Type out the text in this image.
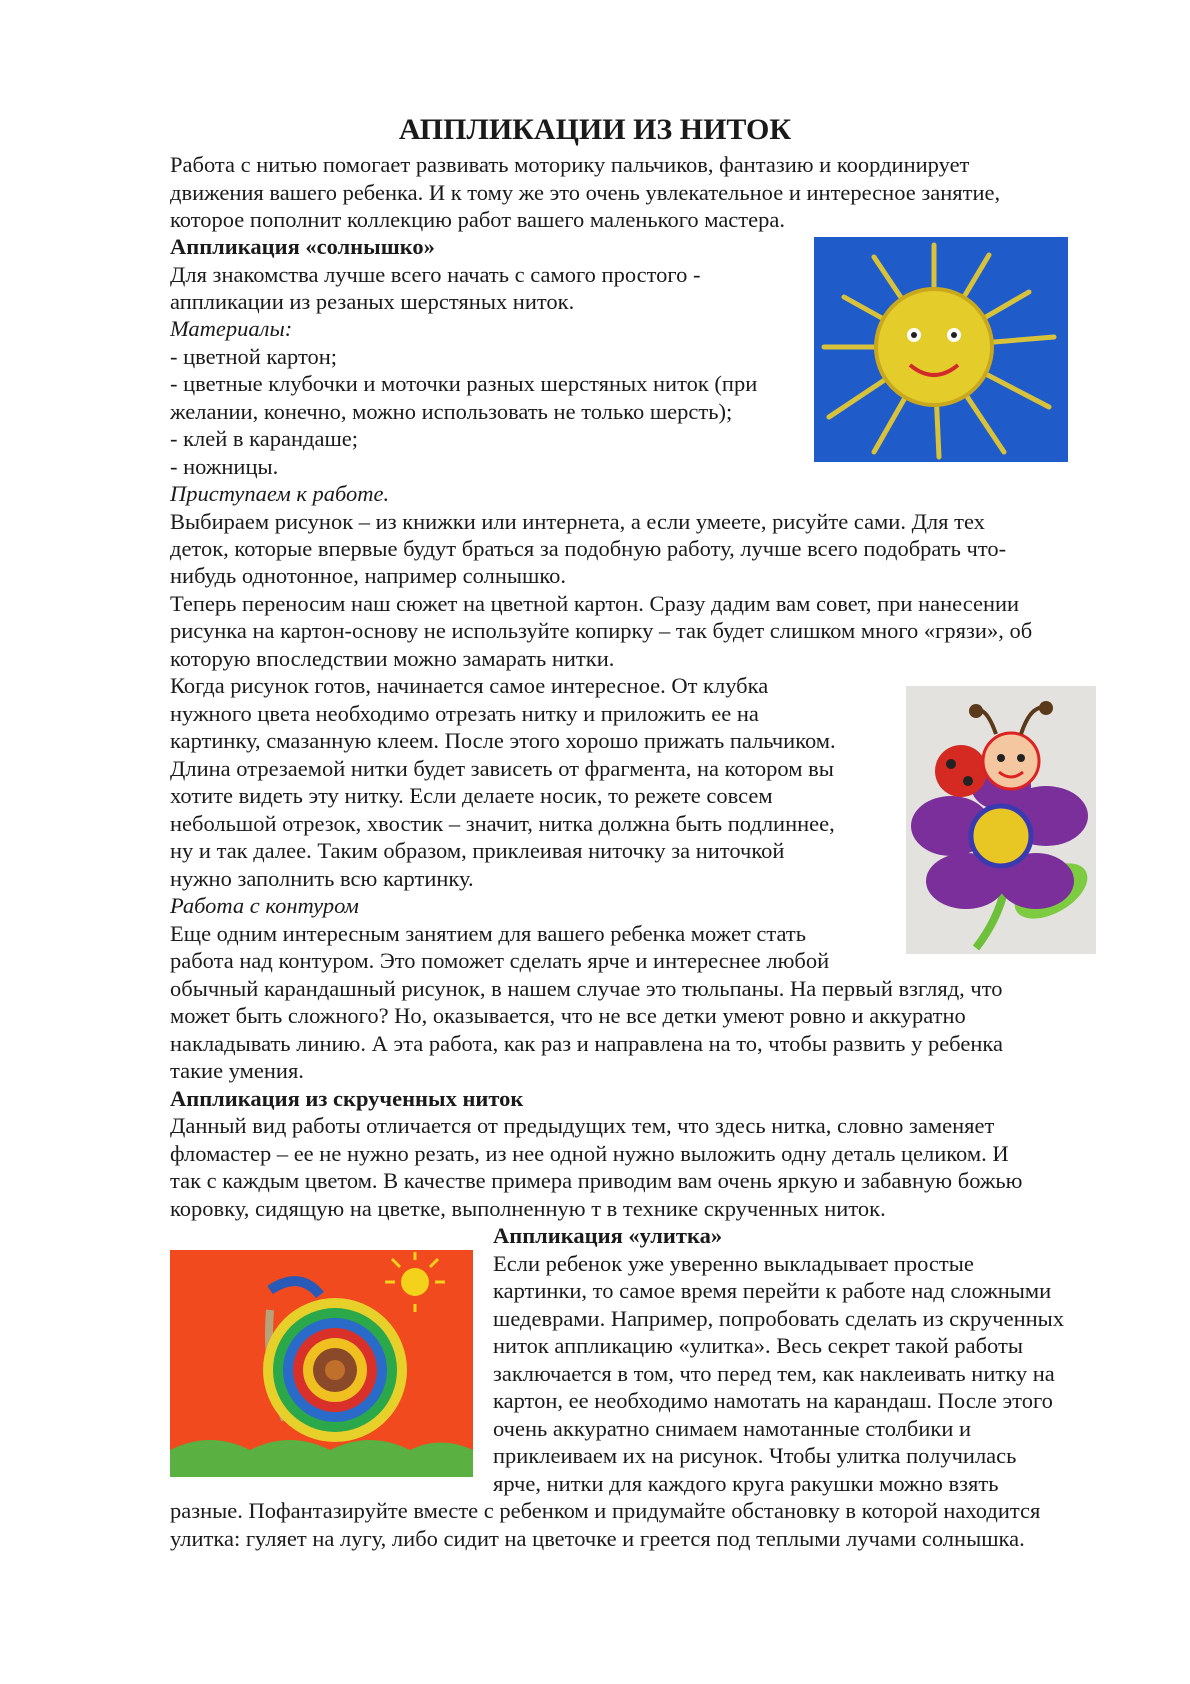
АППЛИКАЦИИ ИЗ НИТОК
Работа с нитью помогает развивать моторику пальчиков, фантазию и координирует
движения вашего ребенка. И к тому же это очень увлекательное и интересное занятие,
которое пополнит коллекцию работ вашего маленького мастера.
Аппликация «солнышко»
Для знакомства лучше всего начать с самого простого -
аппликации из резаных шерстяных ниток.
Материалы:
- цветной картон;
- цветные клубочки и моточки разных шерстяных ниток (при
желании, конечно, можно использовать не только шерсть);
- клей в карандаше;
- ножницы.
Приступаем к работе.
Выбираем рисунок – из книжки или интернета, а если умеете, рисуйте сами. Для тех
деток, которые впервые будут браться за подобную работу, лучше всего подобрать что-
нибудь однотонное, например солнышко.
Теперь переносим наш сюжет на цветной картон. Сразу дадим вам совет, при нанесении
рисунка на картон-основу не используйте копирку – так будет слишком много «грязи», об
которую впоследствии можно замарать нитки.
Когда рисунок готов, начинается самое интересное. От клубка
нужного цвета необходимо отрезать нитку и приложить ее на
картинку, смазанную клеем. После этого хорошо прижать пальчиком.
Длина отрезаемой нитки будет зависеть от фрагмента, на котором вы
хотите видеть эту нитку. Если делаете носик, то режете совсем
небольшой отрезок, хвостик – значит, нитка должна быть подлиннее,
ну и так далее. Таким образом, приклеивая ниточку за ниточкой
нужно заполнить всю картинку.
Работа с контуром
Еще одним интересным занятием для вашего ребенка может стать
работа над контуром. Это поможет сделать ярче и интереснее любой
обычный карандашный рисунок, в нашем случае это тюльпаны. На первый взгляд, что
может быть сложного? Но, оказывается, что не все детки умеют ровно и аккуратно
накладывать линию. А эта работа, как раз и направлена на то, чтобы развить у ребенка
такие умения.
Аппликация из скрученных ниток
Данный вид работы отличается от предыдущих тем, что здесь нитка, словно заменяет
фломастер – ее не нужно резать, из нее одной нужно выложить одну деталь целиком. И
так с каждым цветом. В качестве примера приводим вам очень яркую и забавную божью
коровку, сидящую на цветке, выполненную т в технике скрученных ниток.
Аппликация «улитка»
Если ребенок уже уверенно выкладывает простые
картинки, то самое время перейти к работе над сложными
шедеврами. Например, попробовать сделать из скрученных
ниток аппликацию «улитка». Весь секрет такой работы
заключается в том, что перед тем, как наклеивать нитку на
картон, ее необходимо намотать на карандаш. После этого
очень аккуратно снимаем намотанные столбики и
приклеиваем их на рисунок. Чтобы улитка получилась
ярче, нитки для каждого круга ракушки можно взять
разные. Пофантазируйте вместе с ребенком и придумайте обстановку в которой находится
улитка: гуляет на лугу, либо сидит на цветочке и греется под теплыми лучами солнышка.
